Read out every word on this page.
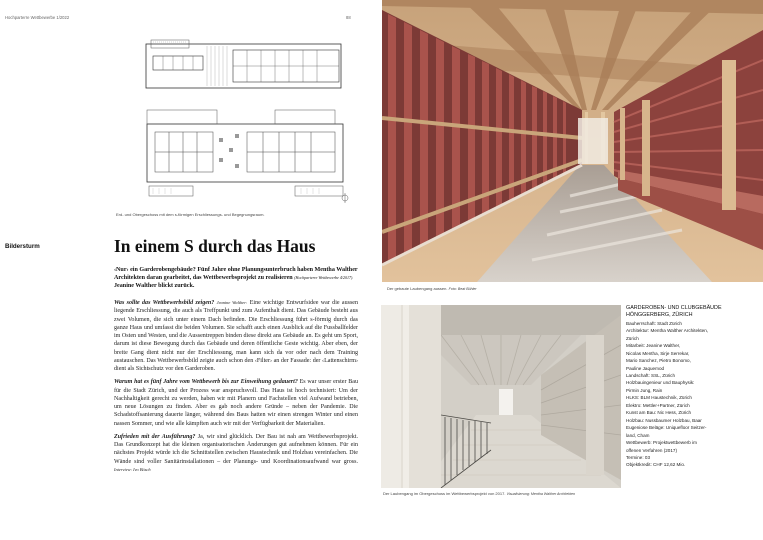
Hochparterre Wettbewerbe 1/2022	88
Erd- und Obergeschoss mit dem s-förmigen Erschliessungs- und Begegnungsraum.
Bildersturm	In einem S durch das Haus
‹Nur› ein Garderobengebäude? Fünf Jahre ohne Planungsunterbruch haben Mentha Walther Architekten daran gearbeitet, das Wettbewerbsprojekt zu realisieren (Hochparterre Wettbewerbe 4/2017). Jeanine Walther blickt zurück.

Was sollte das Wettbewerbsbild zeigen? Jeanine Walther: Eine wichtige Entwurfsidee war die aussen liegende Erschliessung, die auch als Treffpunkt und zum Aufenthalt dient. Das Gebäude besteht aus zwei Volumen, die sich unter einem Dach befinden. Die Erschliessung führt s-förmig durch das ganze Haus und umfasst die beiden Volumen. Sie schafft auch einen Ausblick auf die Fussballfelder im Osten und Westen, und die Aussentreppen binden diese direkt ans Gebäude an. Es geht um Sport, darum ist diese Bewegung durch das Gebäude und deren öffentliche Geste wichtig. Aber eben, der breite Gang dient nicht nur der Erschliessung, man kann sich da vor oder nach dem Training austauschen. Das Wettbewerbsbild zeigte auch schon den ‹Filter› an der Fassade: der ‹Lattenschirm› dient als Sichtschutz vor den Garderoben.

Warum hat es fünf Jahre vom Wettbewerb bis zur Einweihung gedauert? Es war unser erster Bau für die Stadt Zürich, und der Prozess war anspruchsvoll. Das Haus ist hoch technisiert: Um der Nachhaltigkeit gerecht zu werden, haben wir mit Planern und Fachstellen viel Aufwand betrieben, um neue Lösungen zu finden. Aber es gab noch andere Gründe – neben der Pandemie. Die Schadstoffsanierung dauerte länger, während des Baus hatten wir einen strengen Winter und einen nassen Sommer, und wie alle kämpften auch wir mit der Verfügbarkeit der Materialien.

Zufrieden mit der Ausführung? Ja, wir sind glücklich. Der Bau ist nah am Wettbewerbsprojekt. Das Grundkonzept hat die kleinen organisatorischen Änderungen gut aufnehmen können. Für ein nächstes Projekt würde ich die Schnittstellen zwischen Haustechnik und Holzbau vereinfachen. Die Wände sind voller Sanitärinstallationen – der Planungs- und Koordinationsaufwand war gross. Interview: Ivo Bösch

Der gebaute Laubengang aussen. Foto: Beat Bühler
Der Laubengang im Obergeschoss im Wettbewerbsprojekt von 2017. Visualisierung: Mentha Walther Architekten
GARDEROBEN- UND CLUBGEBÄUDE
HÖNGGERBERG, ZÜRICH
Bauherrschaft: Stadt Zürich
Architektur: Mentha Walther Architekten,
Zürich
Mitarbeit: Jeanine Walther,
Nicolas Mentha, Sirje Serrekar,
Mario Sanchez, Pietro Bonomo,
Pauline Jaquemod
Landschaft: SSL, Zürich
Holzbauingenieur und Bauphysik:
Pirmin Jung, Rain
HLKS: BLM Haustechnik, Zürich
Elektro: Mettler+Partner, Zürich
Kunst am Bau: Nic Hess, Zürich
Holzbau: Nussbaumer Holzbau, Baar
Eugeniose Beläge: Uniquefloor Seitzer-
land, Cham
Wettbewerb: Projektwettbewerb im
offenen Verfahren (2017)
Termine: 03
Objektkredit: CHF 12,62 Mio.
